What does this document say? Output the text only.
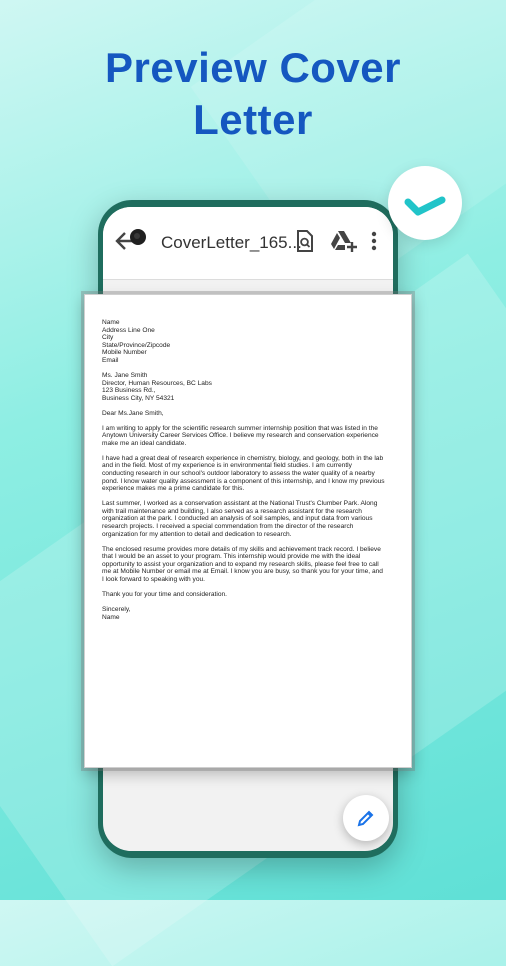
Preview Cover
Letter
CoverLetter_165...

Name
Address Line One
City
State/Province/Zipcode
Mobile Number
Email

Ms. Jane Smith
Director, Human Resources, BC Labs
123 Business Rd.,
Business City, NY 54321

Dear Ms.Jane Smith,

I am writing to apply for the scientific research summer internship position that was listed in the Anytown University Career Services Office. I believe my research and conservation experience make me an ideal candidate.

I have had a great deal of research experience in chemistry, biology, and geology, both in the lab and in the field. Most of my experience is in environmental field studies. I am currently conducting research in our school's outdoor laboratory to assess the water quality of a nearby pond. I know water quality assessment is a component of this internship, and I know my previous experience makes me a prime candidate for this.

Last summer, I worked as a conservation assistant at the National Trust's Clumber Park. Along with trail maintenance and building, I also served as a research assistant for the research organization at the park. I conducted an analysis of soil samples, and input data from various research projects. I received a special commendation from the director of the research organization for my attention to detail and dedication to research.

The enclosed resume provides more details of my skills and achievement track record. I believe that I would be an asset to your program. This internship would provide me with the ideal opportunity to assist your organization and to expand my research skills, please feel free to call me at Mobile Number or email me at Email. I know you are busy, so thank you for your time, and I look forward to speaking with you.

Thank you for your time and consideration.

Sincerely,
Name
